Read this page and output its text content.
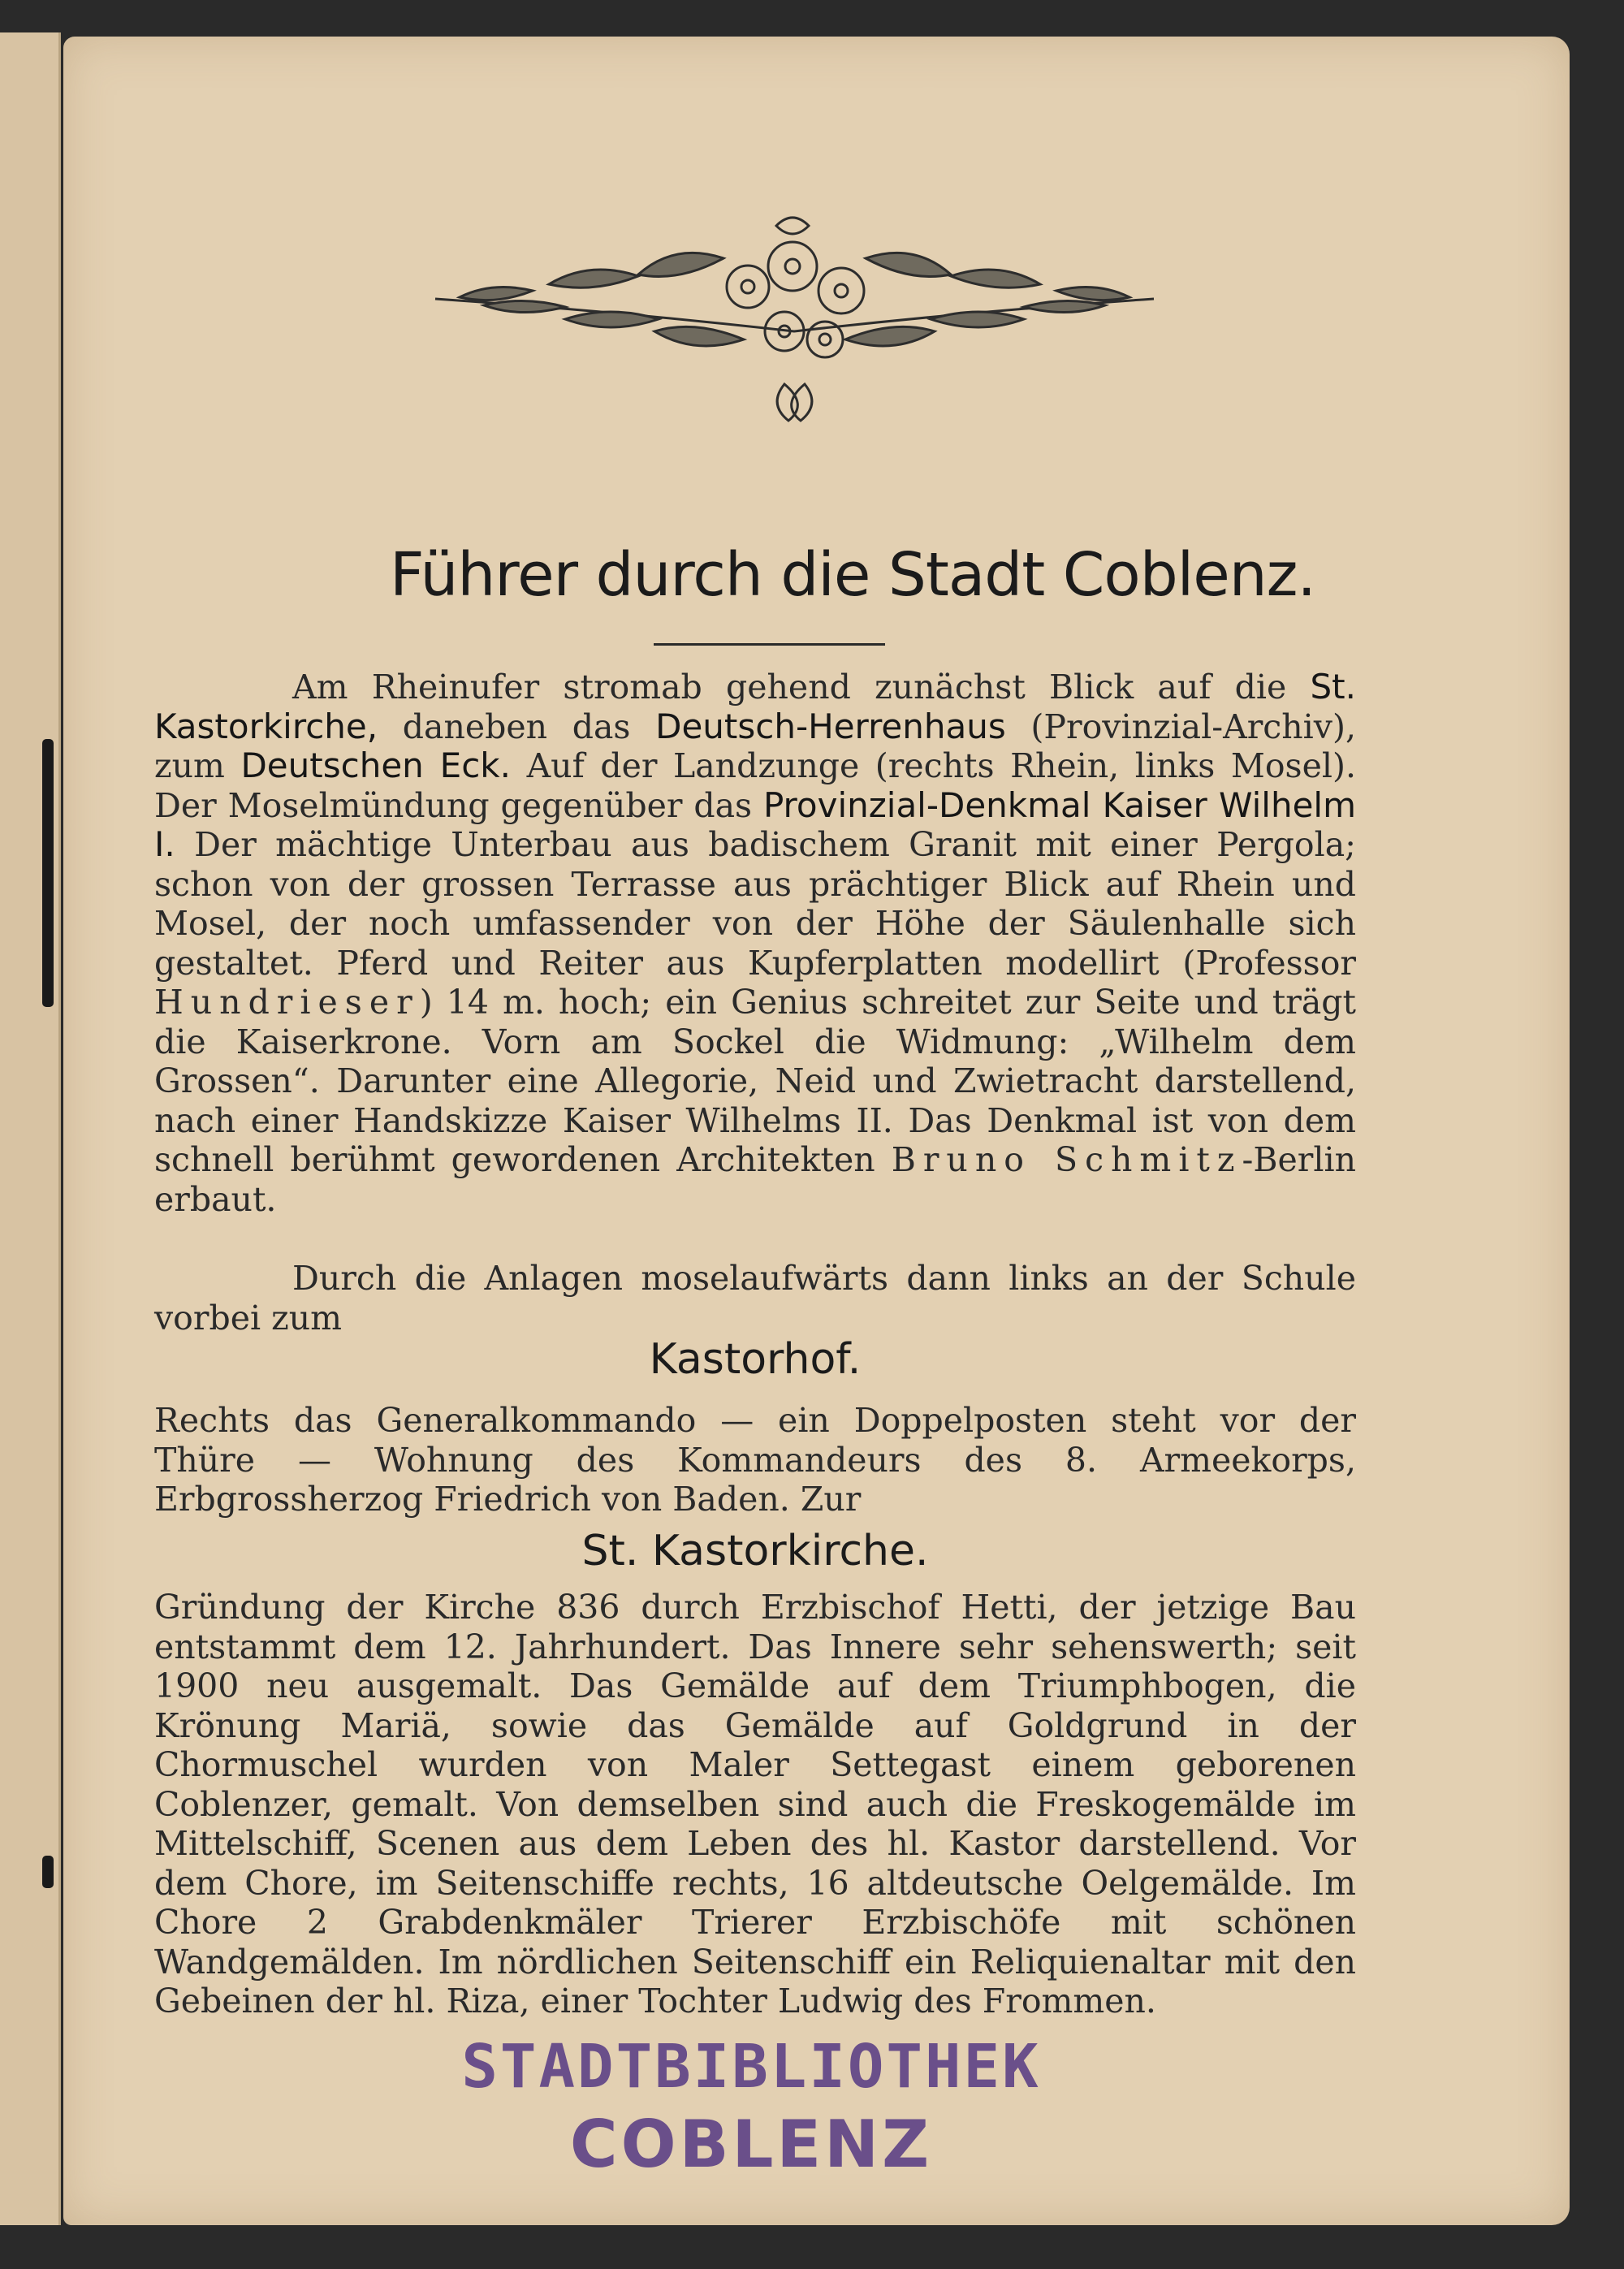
Führer durch die Stadt Coblenz.

Am Rheinufer stromab gehend zunächst Blick auf die St. Kastorkirche, daneben das Deutsch-Herrenhaus (Provinzial-Archiv), zum Deutschen Eck. Auf der Landzunge (rechts Rhein, links Mosel). Der Moselmündung gegenüber das Provinzial-Denkmal Kaiser Wilhelm I. Der mächtige Unterbau aus badischem Granit mit einer Pergola; schon von der grossen Terrasse aus prächtiger Blick auf Rhein und Mosel, der noch umfassender von der Höhe der Säulenhalle sich gestaltet. Pferd und Reiter aus Kupferplatten modellirt (Professor Hundrieser) 14 m. hoch; ein Genius schreitet zur Seite und trägt die Kaiserkrone. Vorn am Sockel die Widmung: „Wilhelm dem Grossen“. Darunter eine Allegorie, Neid und Zwietracht darstellend, nach einer Handskizze Kaiser Wilhelms II. Das Denkmal ist von dem schnell berühmt gewordenen Architekten Bruno Schmitz-Berlin erbaut.

Durch die Anlagen moselaufwärts dann links an der Schule vorbei zum

Kastorhof.

Rechts das Generalkommando — ein Doppelposten steht vor der Thüre — Wohnung des Kommandeurs des 8. Armeekorps, Erbgrossherzog Friedrich von Baden. Zur

St. Kastorkirche.

Gründung der Kirche 836 durch Erzbischof Hetti, der jetzige Bau entstammt dem 12. Jahrhundert. Das Innere sehr sehenswerth; seit 1900 neu ausgemalt. Das Gemälde auf dem Triumphbogen, die Krönung Mariä, sowie das Gemälde auf Goldgrund in der Chormuschel wurden von Maler Settegast einem geborenen Coblenzer, gemalt. Von demselben sind auch die Freskogemälde im Mittelschiff, Scenen aus dem Leben des hl. Kastor darstellend. Vor dem Chore, im Seitenschiffe rechts, 16 altdeutsche Oelgemälde. Im Chore 2 Grabdenkmäler Trierer Erzbischöfe mit schönen Wandgemälden. Im nördlichen Seitenschiff ein Reliquienaltar mit den Gebeinen der hl. Riza, einer Tochter Ludwig des Frommen.

STADTBIBLIOTHEK
COBLENZ
